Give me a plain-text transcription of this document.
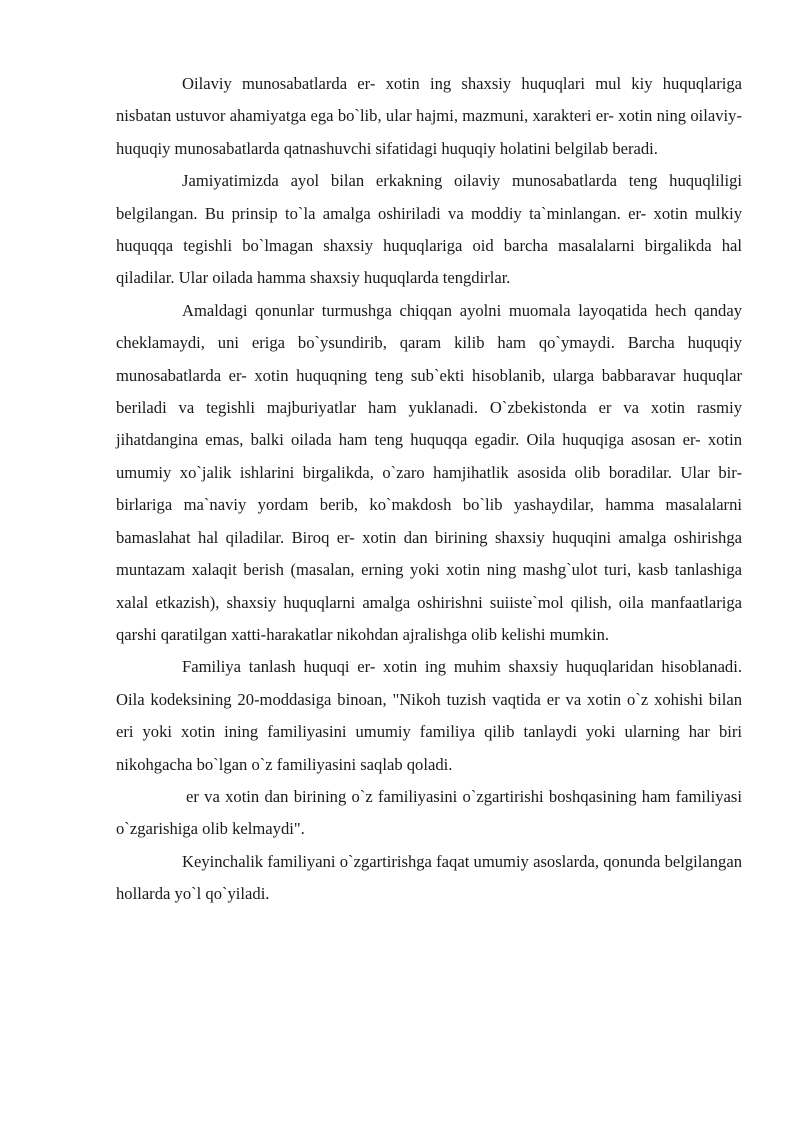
Oilaviy munosabatlarda er- xotin ing shaxsiy huquqlari mul kiy huquqlariga nisbatan ustuvor ahamiyatga ega bo`lib, ular hajmi, mazmuni, xarakteri er- xotin ning oilaviy-huquqiy munosabatlarda qatnashuvchi sifatidagi huquqiy holatini belgilab beradi.

Jamiyatimizda ayol bilan erkakning oilaviy munosabatlarda teng huquqliligi belgilangan. Bu prinsip to`la amalga oshiriladi va moddiy ta`minlangan. er- xotin mulkiy huquqqa tegishli bo`lmagan shaxsiy huquqlariga oid barcha masalalarni birgalikda hal qiladilar. Ular oilada hamma shaxsiy huquqlarda tengdirlar.

Amaldagi qonunlar turmushga chiqqan ayolni muomala layoqatida hech qanday cheklamaydi, uni eriga bo`ysundirib, qaram kilib ham qo`ymaydi. Barcha huquqiy munosabatlarda er- xotin huquqning teng sub`ekti hisoblanib, ularga babbaravar huquqlar beriladi va tegishli majburiyatlar ham yuklanadi. O`zbekistonda er va xotin rasmiy jihatdangina emas, balki oilada ham teng huquqqa egadir. Oila huquqiga asosan er- xotin umumiy xo`jalik ishlarini birgalikda, o`zaro hamjihatlik asosida olib boradilar. Ular bir-birlariga ma`naviy yordam berib, ko`makdosh bo`lib yashaydilar, hamma masalalarni bamaslahat hal qiladilar. Biroq er- xotin dan birining shaxsiy huquqini amalga oshirishga muntazam xalaqit berish (masalan, erning yoki xotin ning mashg`ulot turi, kasb tanlashiga xalal etkazish), shaxsiy huquqlarni amalga oshirishni suiiste`mol qilish, oila manfaatlariga qarshi qaratilgan xatti-harakatlar nikohdan ajralishga olib kelishi mumkin.

Familiya tanlash huquqi er- xotin ing muhim shaxsiy huquqlaridan hisoblanadi. Oila kodeksining 20-moddasiga binoan, "Nikoh tuzish vaqtida er va xotin o`z xohishi bilan eri yoki xotin ining familiyasini umumiy familiya qilib tanlaydi yoki ularning har biri nikohgacha bo`lgan o`z familiyasini saqlab qoladi.

er va xotin dan birining o`z familiyasini o`zgartirishi boshqasining ham familiyasi o`zgarishiga olib kelmaydi".

Keyinchalik familiyani o`zgartirishga faqat umumiy asoslarda, qonunda belgilangan hollarda yo`l qo`yiladi.
